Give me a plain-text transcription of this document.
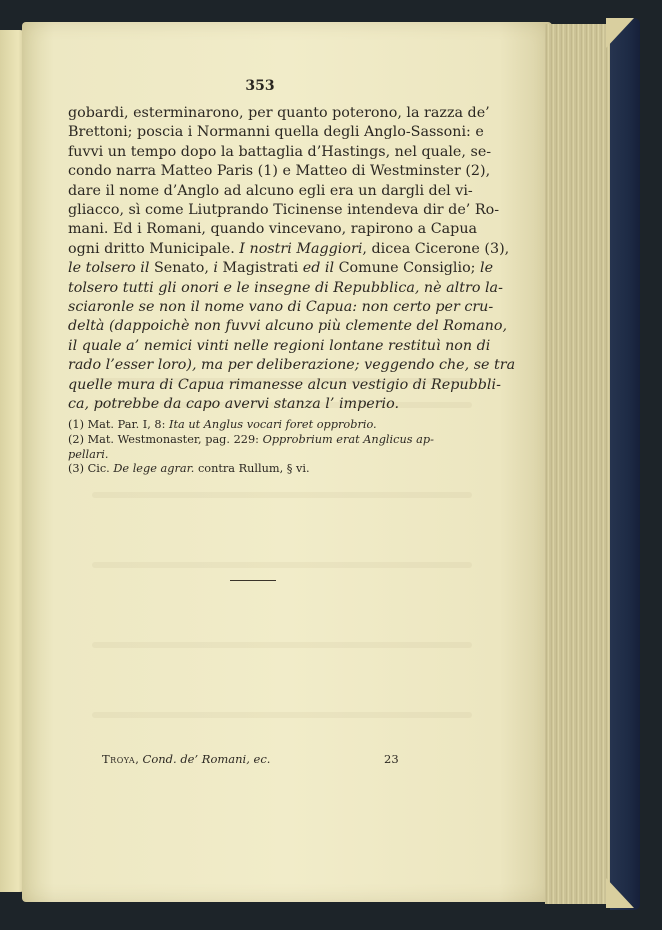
353
gobardi, esterminarono, per quanto poterono, la razza de’
Brettoni; poscia i Normanni quella degli Anglo-Sassoni: e
fuvvi un tempo dopo la battaglia d’Hastings, nel quale, se-
condo narra Matteo Paris (1) e Matteo di Westminster (2),
dare il nome d’Anglo ad alcuno egli era un dargli del vi-
gliacco, sì come Liutprando Ticinense intendeva dir de’ Ro-
mani. Ed i Romani, quando vincevano, rapirono a Capua
ogni dritto Municipale. I nostri Maggiori, dicea Cicerone (3),
le tolsero il Senato, i Magistrati ed il Comune Consiglio; le
tolsero tutti gli onori e le insegne di Repubblica, nè altro la-
sciaronle se non il nome vano di Capua: non certo per cru-
deltà (dappoichè non fuvvi alcuno più clemente del Romano,
il quale a’ nemici vinti nelle regioni lontane restituì non di
rado l’esser loro), ma per deliberazione; veggendo che, se tra
quelle mura di Capua rimanesse alcun vestigio di Repubbli-
ca, potrebbe da capo avervi stanza l’ imperio.
(1) Mat. Par. I, 8: Ita ut Anglus vocari foret opprobrio.
(2) Mat. Westmonaster, pag. 229: Opprobrium erat Anglicus ap-
pellari.
(3) Cic. De lege agrar. contra Rullum, § vi.
Troya, Cond. de’ Romani, ec.	23
